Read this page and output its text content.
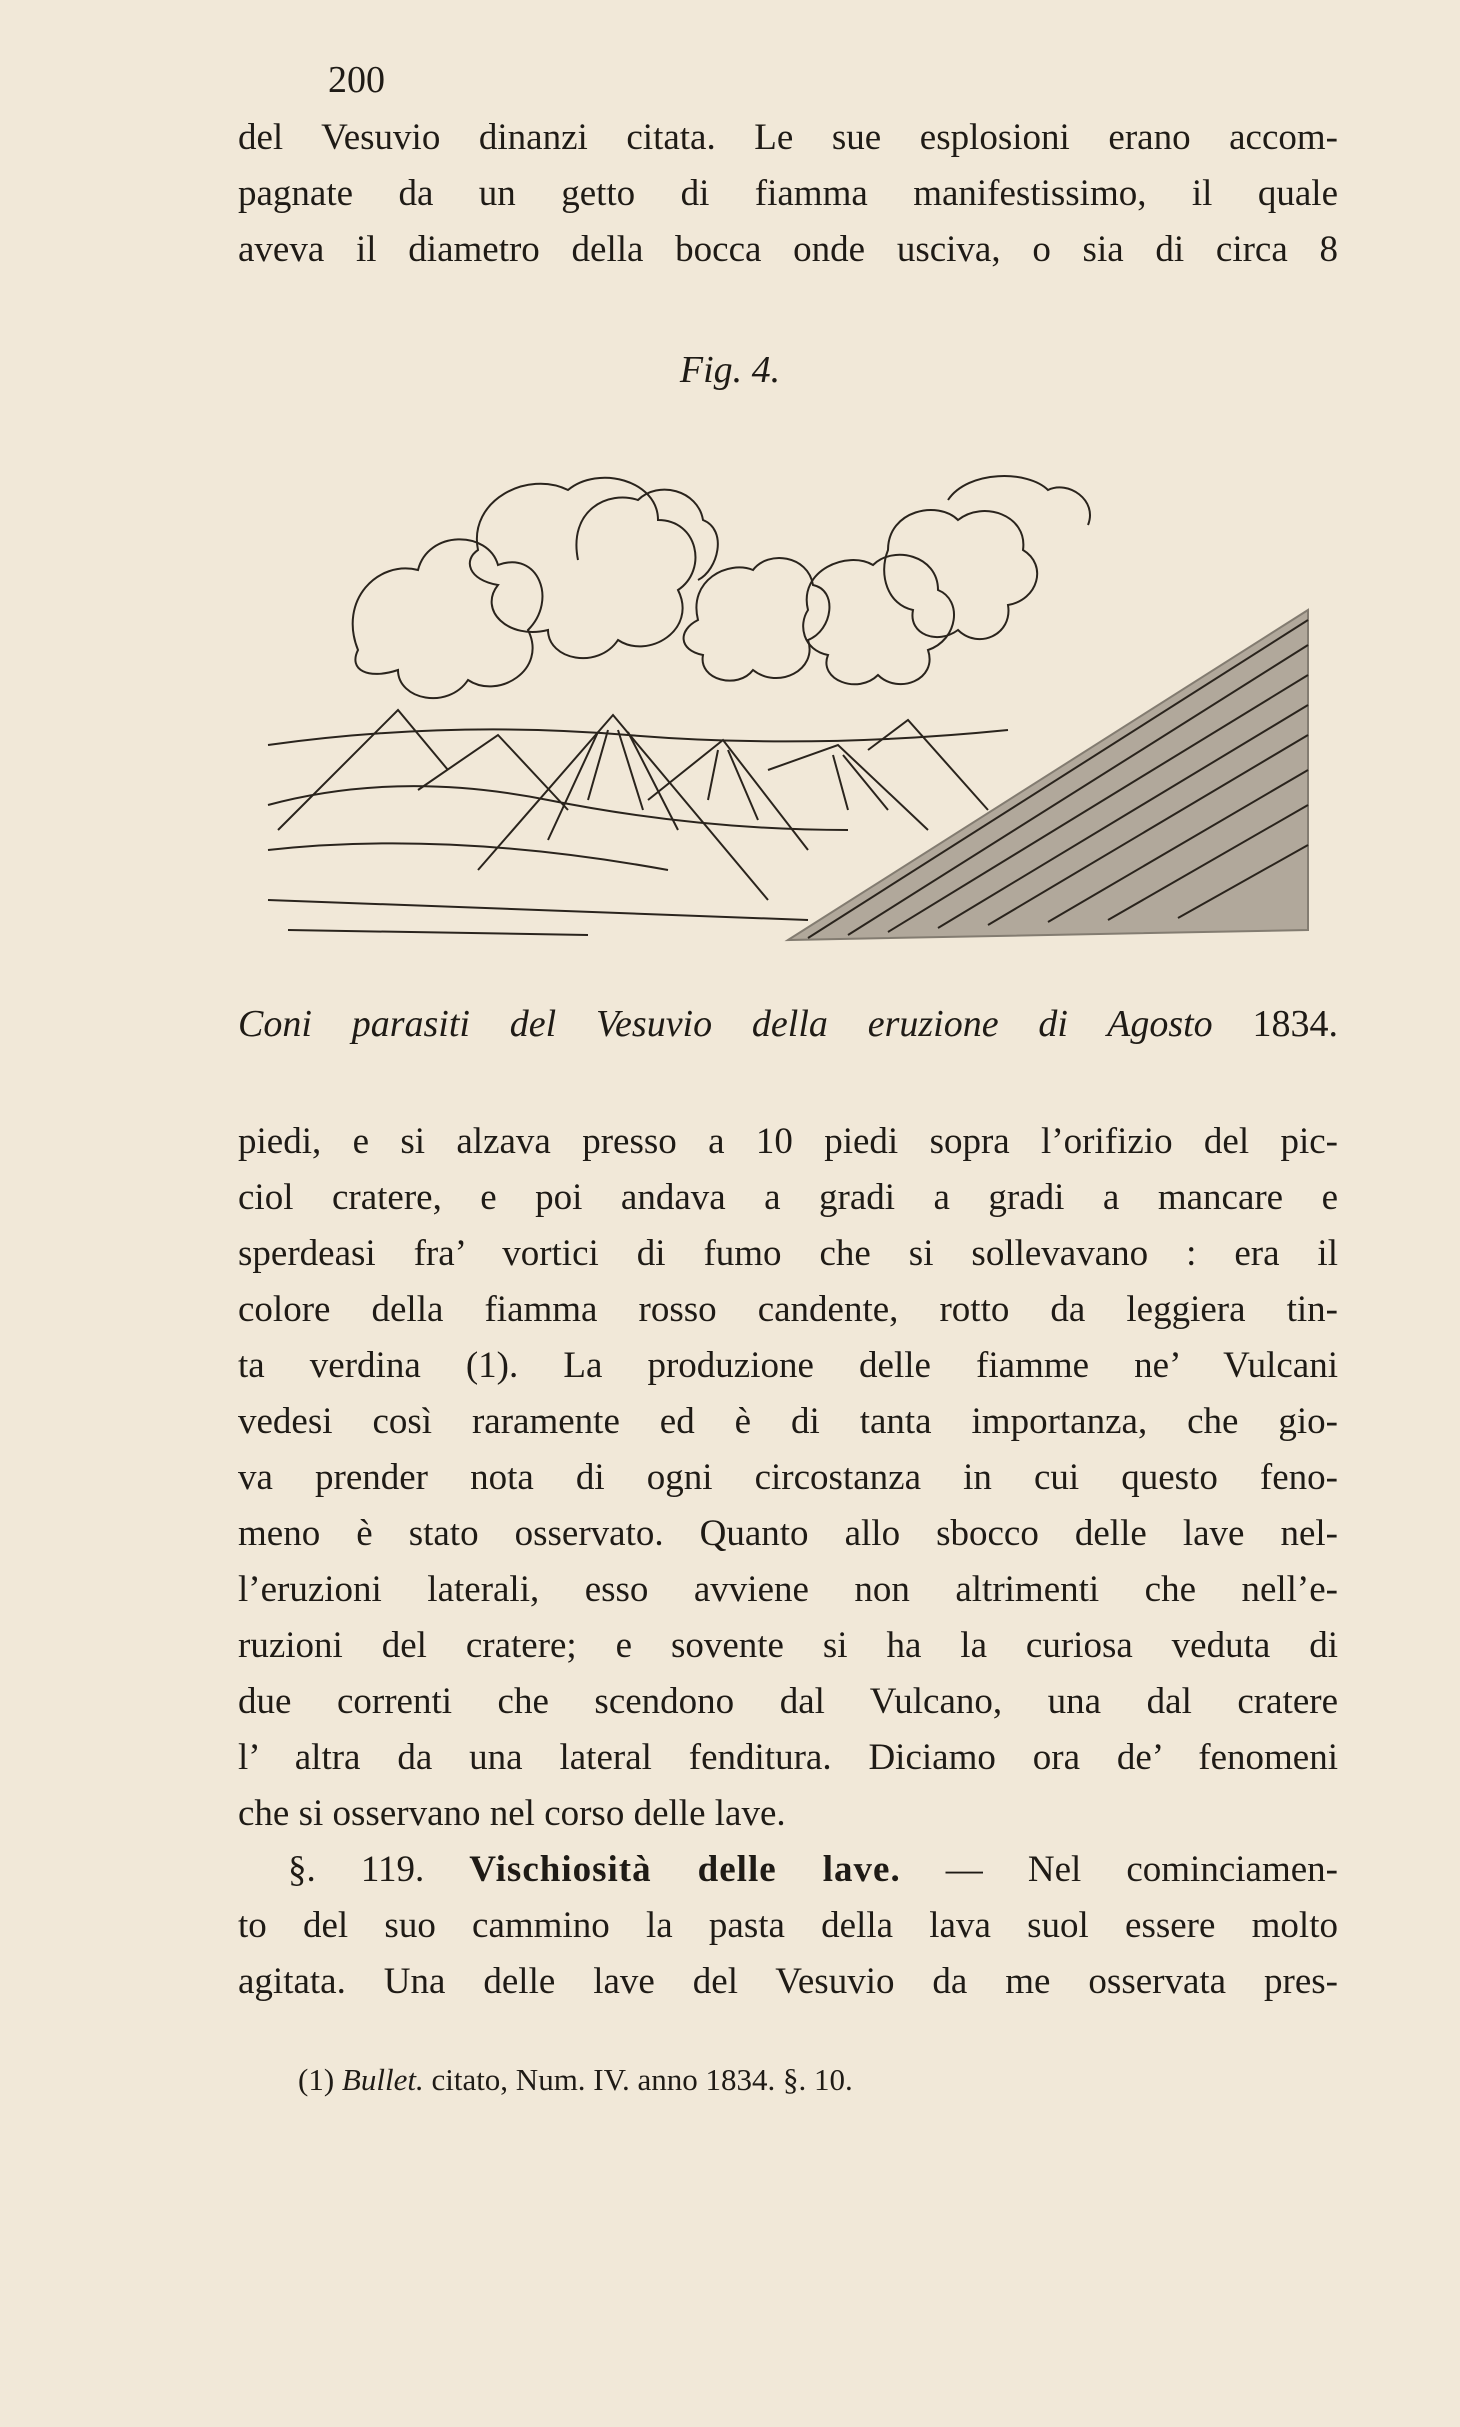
200
del Vesuvio dinanzi citata. Le sue esplosioni erano accom-
pagnate da un getto di fiamma manifestissimo, il quale
aveva il diametro della bocca onde usciva, o sia di circa 8
Fig. 4.
Coni parasiti del Vesuvio della eruzione di Agosto 1834.
piedi, e si alzava presso a 10 piedi sopra l’orifizio del pic-
ciol cratere, e poi andava a gradi a gradi a mancare e
sperdeasi fra’ vortici di fumo che si sollevavano : era il
colore della fiamma rosso candente, rotto da leggiera tin-
ta verdina (1). La produzione delle fiamme ne’ Vulcani
vedesi così raramente ed è di tanta importanza, che gio-
va prender nota di ogni circostanza in cui questo feno-
meno è stato osservato. Quanto allo sbocco delle lave nel-
l’eruzioni laterali, esso avviene non altrimenti che nell’e-
ruzioni del cratere; e sovente si ha la curiosa veduta di
due correnti che scendono dal Vulcano, una dal cratere
l’ altra da una lateral fenditura. Diciamo ora de’ fenomeni
che si osservano nel corso delle lave.
§. 119. Vischiosità delle lave. — Nel cominciamen-
to del suo cammino la pasta della lava suol essere molto
agitata. Una delle lave del Vesuvio da me osservata pres-
(1) Bullet. citato, Num. IV. anno 1834. §. 10.
